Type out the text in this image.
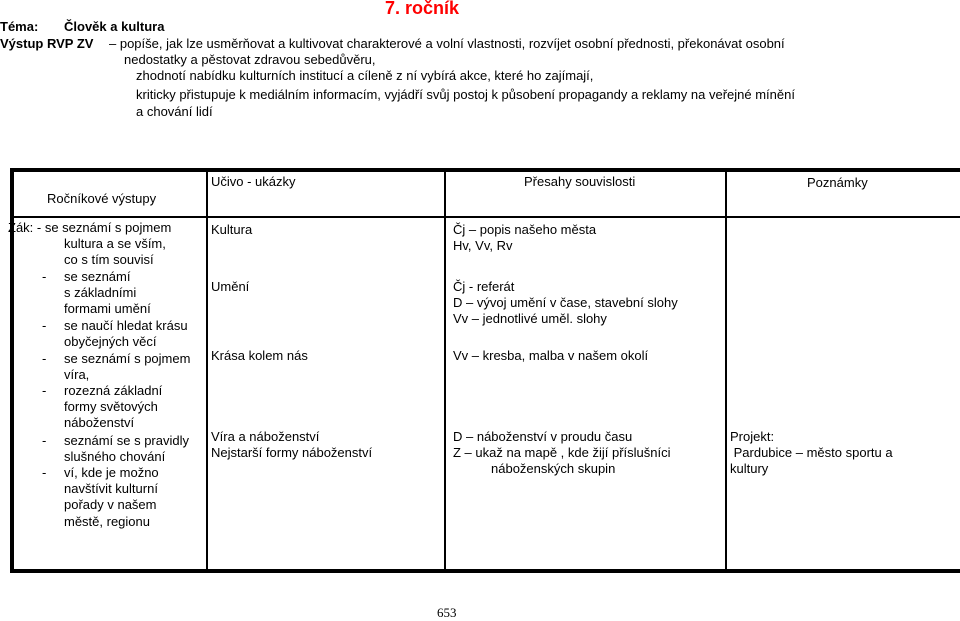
7. ročník
Téma: Člověk a kultura
Výstup RVP ZV – popíše, jak lze usměrňovat a kultivovat charakterové a volní vlastnosti, rozvíjet osobní přednosti, překonávat osobní
nedostatky a pěstovat zdravou sebedůvěru,
zhodnotí nabídku kulturních institucí a cíleně z ní vybírá akce, které ho zajímají,
kriticky přistupuje k mediálním informacím, vyjádří svůj postoj k působení propagandy a reklamy na veřejné mínění
a chování lidí
Ročníkové výstupy
Učivo - ukázky	Přesahy souvislosti	Poznámky
Žák: - se seznámí s pojmem
kultura a se vším,
co s tím souvisí
- se seznámí
s základními
formami umění
- se naučí hledat krásu
obyčejných věcí
- se seznámí s pojmem
víra,
- rozezná základní
formy světových
náboženství
- seznámí se s pravidly
slušného chování
- ví, kde je možno
navštívit kulturní
pořady v našem
městě, regionu
Kultura
Umění
Krása kolem nás
Víra a náboženství
Nejstarší formy náboženství
Čj – popis našeho města
Hv, Vv, Rv
Čj - referát
D – vývoj umění v čase, stavební slohy
Vv – jednotlivé uměl. slohy
Vv – kresba, malba v našem okolí
D – náboženství v proudu času
Z – ukaž na mapě , kde žijí příslušníci
náboženských skupin
Projekt:
Pardubice – město sportu a
kultury
653
